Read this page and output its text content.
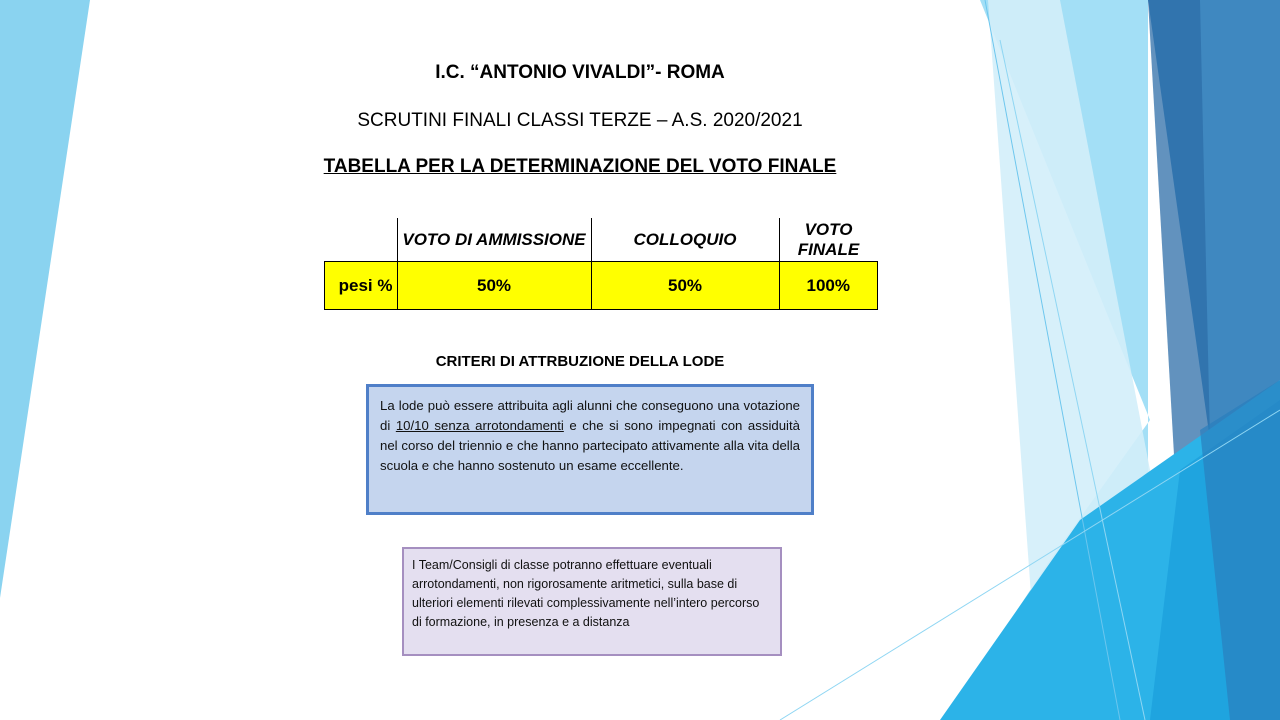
I.C. “ANTONIO VIVALDI”- ROMA
SCRUTINI FINALI CLASSI TERZE – A.S. 2020/2021
TABELLA PER LA DETERMINAZIONE DEL VOTO FINALE
	VOTO DI AMMISSIONE	COLLOQUIO	VOTO FINALE
pesi %	50%	50%	100%
CRITERI DI ATTRBUZIONE DELLA LODE
La lode può essere attribuita agli alunni che conseguono una votazione di 10/10 senza arrotondamenti e che si sono impegnati con assiduità nel corso del triennio e che hanno partecipato attivamente alla vita della scuola e che hanno sostenuto un esame eccellente.
I Team/Consigli di classe potranno effettuare eventuali arrotondamenti, non rigorosamente aritmetici, sulla base di ulteriori elementi rilevati complessivamente nell’intero percorso di formazione, in presenza e a distanza
